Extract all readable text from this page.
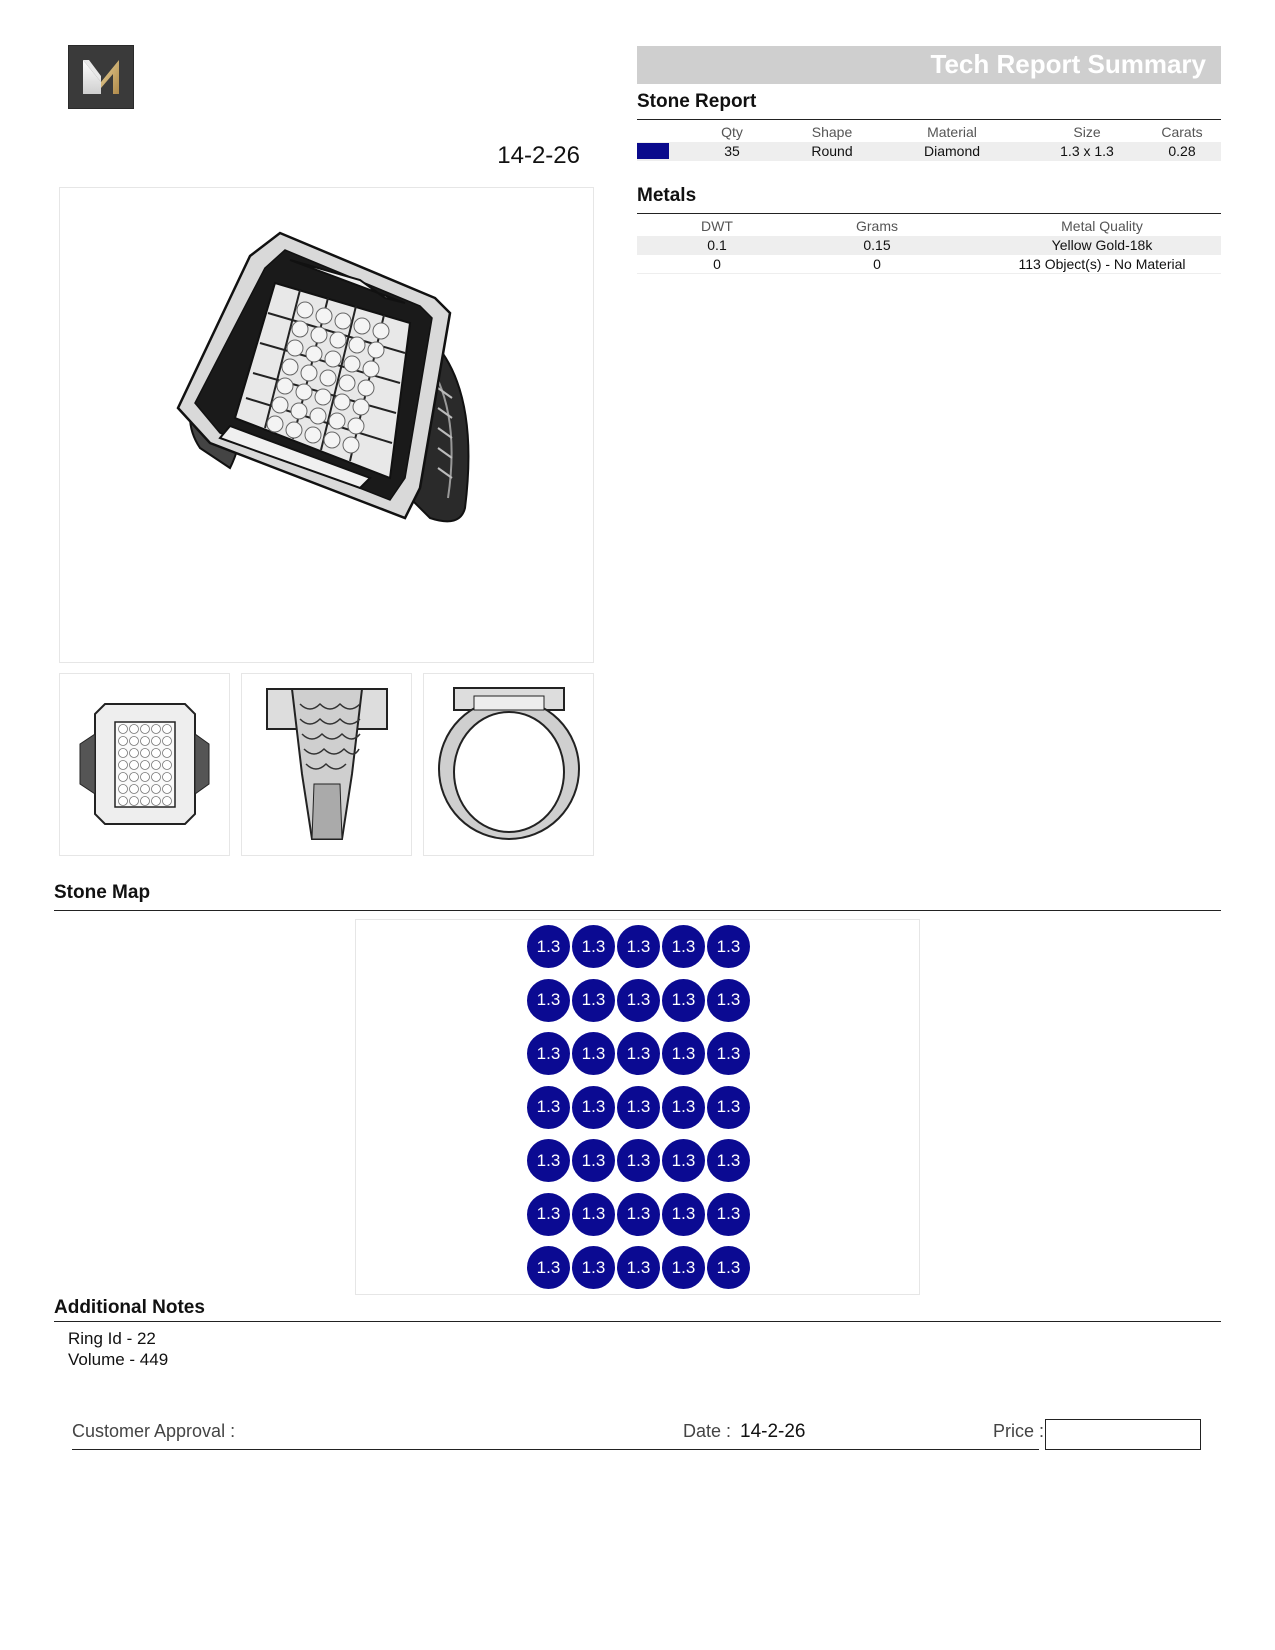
14-2-26
Tech Report Summary
Stone Report
Qty	Shape	Material	Size	Carats
35	Round	Diamond	1.3 x 1.3	0.28
Metals
DWT	Grams	Metal Quality
0.1	0.15	Yellow Gold-18k
0	0	113 Object(s) - No Material
Stone Map
1.3	1.3	1.3	1.3	1.3
1.3	1.3	1.3	1.3	1.3
1.3	1.3	1.3	1.3	1.3
1.3	1.3	1.3	1.3	1.3
1.3	1.3	1.3	1.3	1.3
1.3	1.3	1.3	1.3	1.3
1.3	1.3	1.3	1.3	1.3
Additional Notes
Ring Id - 22
Volume - 449
Customer Approval :	Date : 14-2-26	Price :
